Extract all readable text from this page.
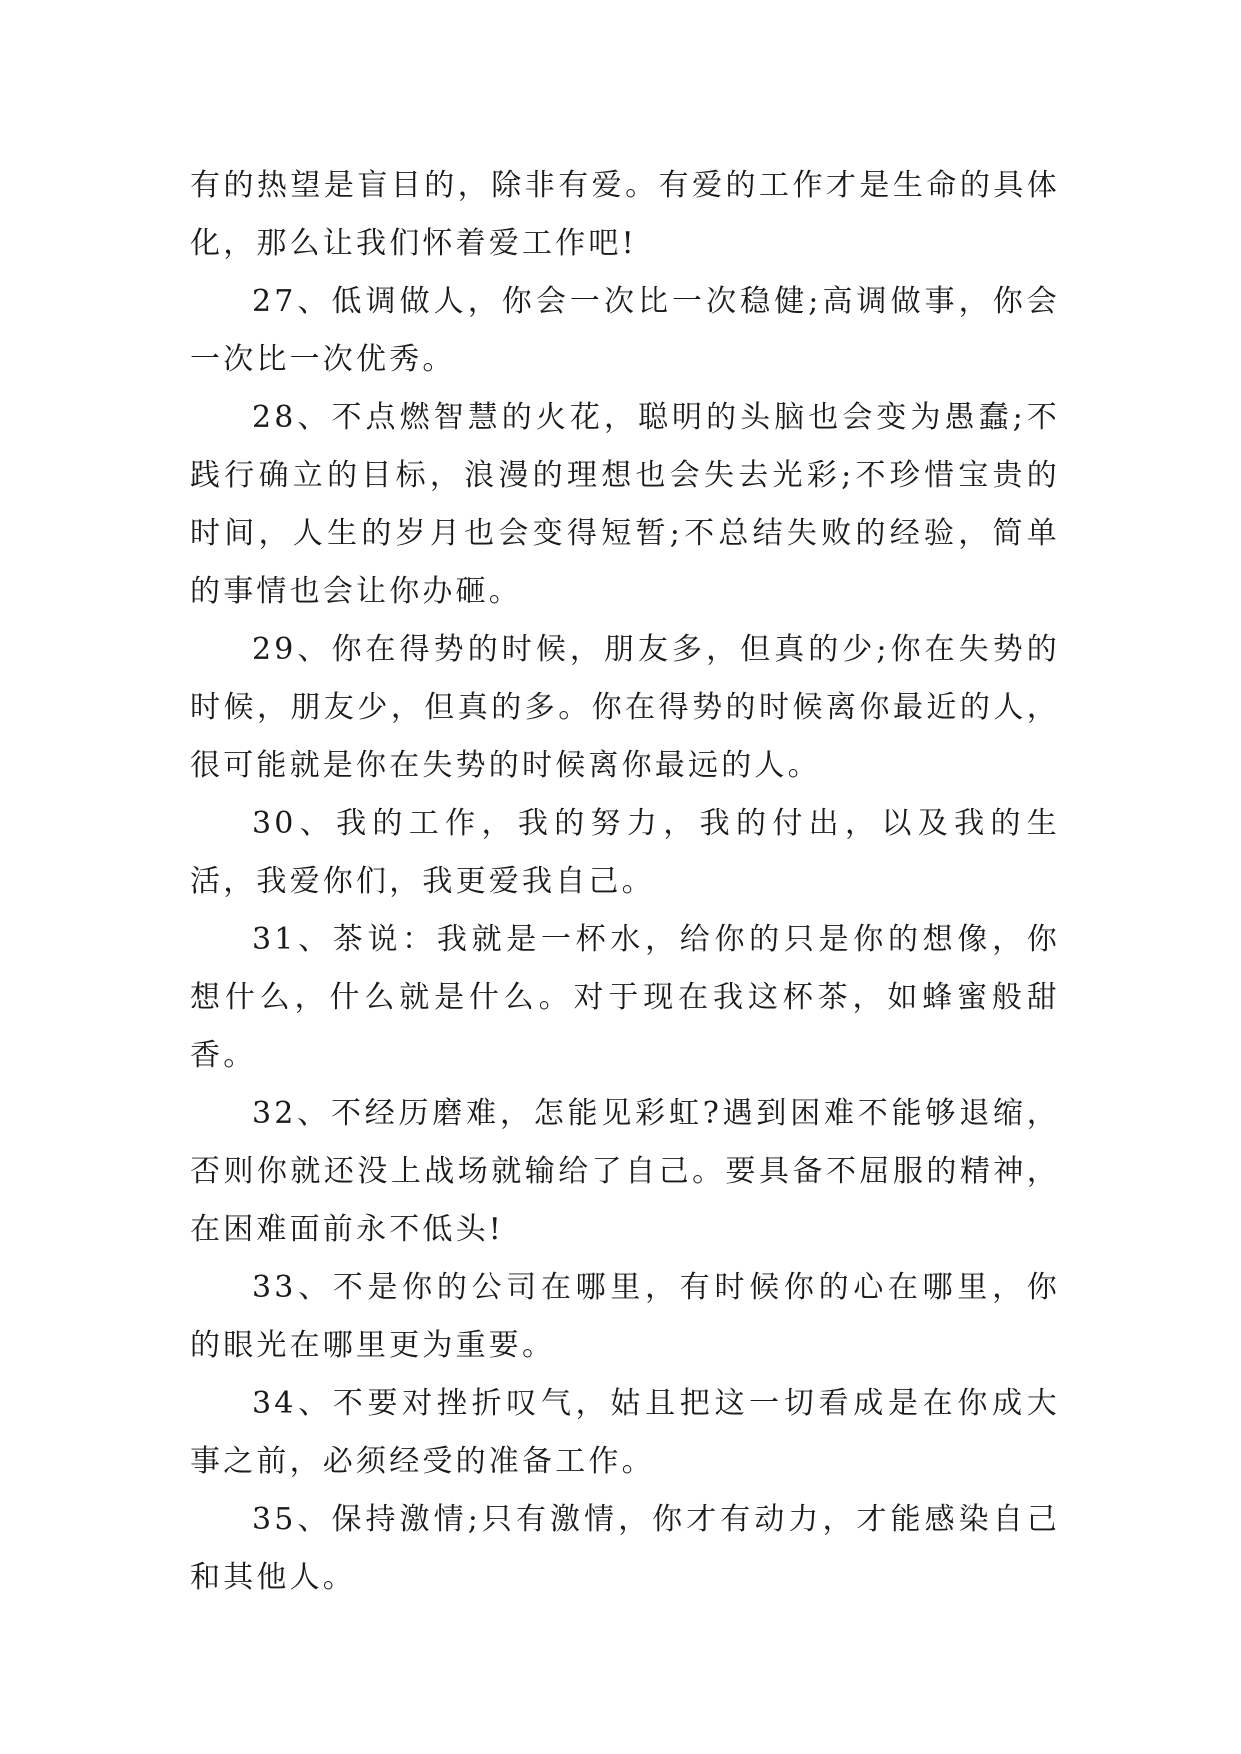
有的热望是盲目的，除非有爱。有爱的工作才是生命的具体化，那么让我们怀着爱工作吧!

27、低调做人，你会一次比一次稳健;高调做事，你会一次比一次优秀。

28、不点燃智慧的火花，聪明的头脑也会变为愚蠢;不践行确立的目标，浪漫的理想也会失去光彩;不珍惜宝贵的时间，人生的岁月也会变得短暂;不总结失败的经验，简单的事情也会让你办砸。

29、你在得势的时候，朋友多，但真的少;你在失势的时候，朋友少，但真的多。你在得势的时候离你最近的人，很可能就是你在失势的时候离你最远的人。

30、我的工作，我的努力，我的付出，以及我的生活，我爱你们，我更爱我自己。

31、茶说：我就是一杯水，给你的只是你的想像，你想什么，什么就是什么。对于现在我这杯茶，如蜂蜜般甜香。

32、不经历磨难，怎能见彩虹?遇到困难不能够退缩，否则你就还没上战场就输给了自己。要具备不屈服的精神，在困难面前永不低头!

33、不是你的公司在哪里，有时候你的心在哪里，你的眼光在哪里更为重要。

34、不要对挫折叹气，姑且把这一切看成是在你成大事之前，必须经受的准备工作。

35、保持激情;只有激情，你才有动力，才能感染自己和其他人。
